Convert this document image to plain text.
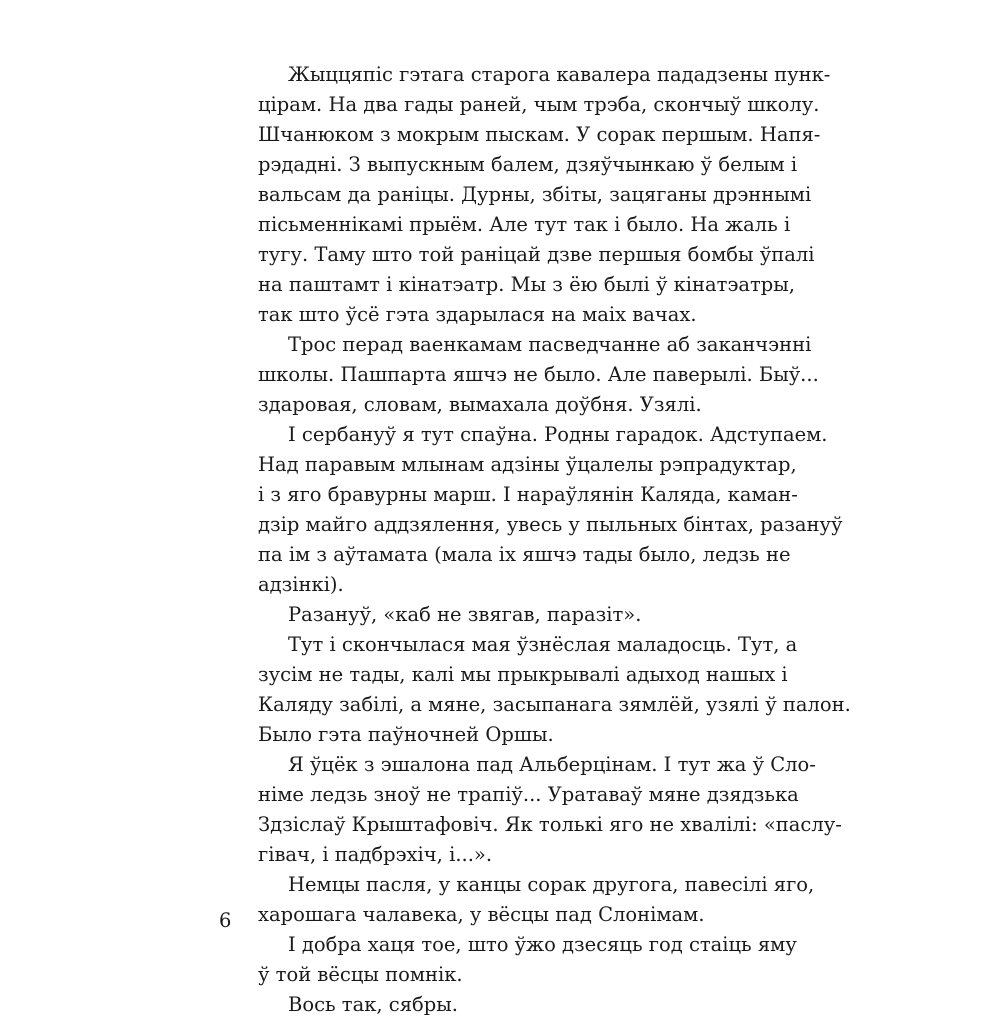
Жыццяпіс гэтага старога кавалера пададзены пунк-
цірам. На два гады раней, чым трэба, скончыў школу.
Шчанюком з мокрым пыскам. У сорак першым. Напя-
рэдадні. З выпускным балем, дзяўчынкаю ў белым і
вальсам да раніцы. Дурны, збіты, зацяганы дрэннымі
пісьменнікамі прыём. Але тут так і было. На жаль і
тугу. Таму што той раніцай дзве першыя бомбы ўпалі
на паштамт і кінатэатр. Мы з ёю былі ў кінатэатры,
так што ўсё гэта здарылася на маіх вачах.
Трос перад ваенкамам пасведчанне аб заканчэнні
школы. Пашпарта яшчэ не было. Але паверылі. Быў...
здаровая, словам, вымахала доўбня. Узялі.
І сербануў я тут спаўна. Родны гарадок. Адступаем.
Над паравым млынам адзіны ўцалелы рэпрадуктар,
і з яго бравурны марш. І нараўлянін Каляда, каман-
дзір майго аддзялення, увесь у пыльных бінтах, разануў
па ім з аўтамата (мала іх яшчэ тады было, ледзь не
адзінкі).
Разануў, «каб не звягав, паразіт».
Тут і скончылася мая ўзнёслая маладосць. Тут, а
зусім не тады, калі мы прыкрывалі адыход нашых і
Каляду забілі, а мяне, засыпанага зямлёй, узялі ў палон.
Было гэта паўночней Оршы.
Я ўцёк з эшалона пад Альберцінам. І тут жа ў Сло-
німе ледзь зноў не трапіў... Уратаваў мяне дзядзька
Здзіслаў Крыштафовіч. Як толькі яго не хвалілі: «паслу-
гівач, і падбрэхіч, і...».
Немцы пасля, у канцы сорак другога, павесілі яго,
харошага чалавека, у вёсцы пад Слонімам.
І добра хаця тое, што ўжо дзесяць год стаіць яму
ў той вёсцы помнік.
Вось так, сябры.
6
